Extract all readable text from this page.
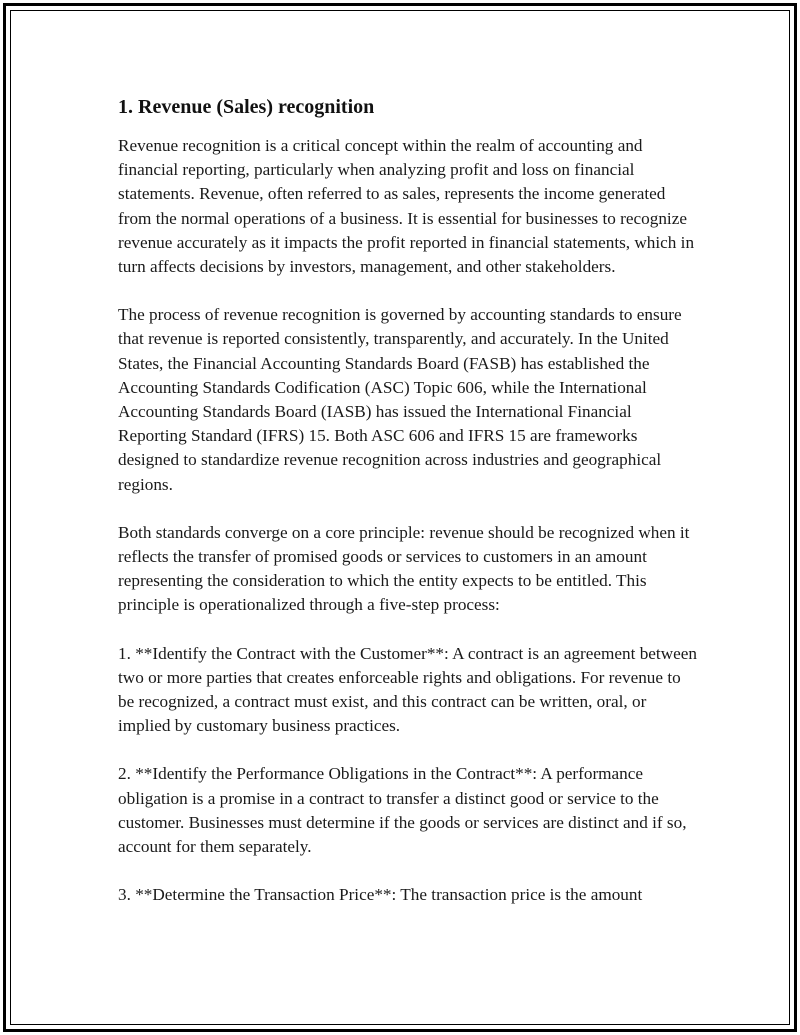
1. Revenue (Sales) recognition

Revenue recognition is a critical concept within the realm of accounting and financial reporting, particularly when analyzing profit and loss on financial statements. Revenue, often referred to as sales, represents the income generated from the normal operations of a business. It is essential for businesses to recognize revenue accurately as it impacts the profit reported in financial statements, which in turn affects decisions by investors, management, and other stakeholders.

The process of revenue recognition is governed by accounting standards to ensure that revenue is reported consistently, transparently, and accurately. In the United States, the Financial Accounting Standards Board (FASB) has established the Accounting Standards Codification (ASC) Topic 606, while the International Accounting Standards Board (IASB) has issued the International Financial Reporting Standard (IFRS) 15. Both ASC 606 and IFRS 15 are frameworks designed to standardize revenue recognition across industries and geographical regions.

Both standards converge on a core principle: revenue should be recognized when it reflects the transfer of promised goods or services to customers in an amount representing the consideration to which the entity expects to be entitled. This principle is operationalized through a five-step process:

1. **Identify the Contract with the Customer**: A contract is an agreement between two or more parties that creates enforceable rights and obligations. For revenue to be recognized, a contract must exist, and this contract can be written, oral, or implied by customary business practices.

2. **Identify the Performance Obligations in the Contract**: A performance obligation is a promise in a contract to transfer a distinct good or service to the customer. Businesses must determine if the goods or services are distinct and if so, account for them separately.

3. **Determine the Transaction Price**: The transaction price is the amount
